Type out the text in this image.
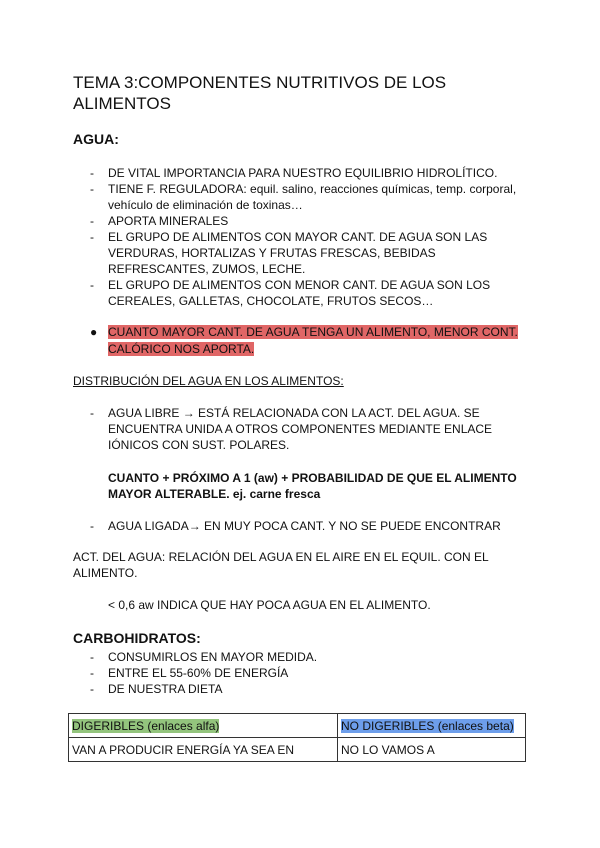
TEMA 3:COMPONENTES NUTRITIVOS DE LOS ALIMENTOS
AGUA:
- DE VITAL IMPORTANCIA PARA NUESTRO EQUILIBRIO HIDROLÍTICO.
- TIENE F. REGULADORA: equil. salino, reacciones químicas, temp. corporal, vehículo de eliminación de toxinas…
- APORTA MINERALES
- EL GRUPO DE ALIMENTOS CON MAYOR CANT. DE AGUA SON LAS VERDURAS, HORTALIZAS Y FRUTAS FRESCAS, BEBIDAS REFRESCANTES, ZUMOS, LECHE.
- EL GRUPO DE ALIMENTOS CON MENOR CANT. DE AGUA SON LOS CEREALES, GALLETAS, CHOCOLATE, FRUTOS SECOS…
● CUANTO MAYOR CANT. DE AGUA TENGA UN ALIMENTO, MENOR CONT. CALÓRICO NOS APORTA.
DISTRIBUCIÓN DEL AGUA EN LOS ALIMENTOS:
- AGUA LIBRE → ESTÁ RELACIONADA CON LA ACT. DEL AGUA. SE ENCUENTRA UNIDA A OTROS COMPONENTES MEDIANTE ENLACE IÓNICOS CON SUST. POLARES.
CUANTO + PRÓXIMO A 1 (aw) + PROBABILIDAD DE QUE EL ALIMENTO MAYOR ALTERABLE. ej. carne fresca
- AGUA LIGADA→ EN MUY POCA CANT. Y NO SE PUEDE ENCONTRAR
ACT. DEL AGUA: RELACIÓN DEL AGUA EN EL AIRE EN EL EQUIL. CON EL ALIMENTO.
< 0,6 aw INDICA QUE HAY POCA AGUA EN EL ALIMENTO.
CARBOHIDRATOS:
- CONSUMIRLOS EN MAYOR MEDIDA.
- ENTRE EL 55-60% DE ENERGÍA
- DE NUESTRA DIETA
DIGERIBLES (enlaces alfa)	NO DIGERIBLES (enlaces beta)
VAN A PRODUCIR ENERGÍA YA SEA EN	NO LO VAMOS A
